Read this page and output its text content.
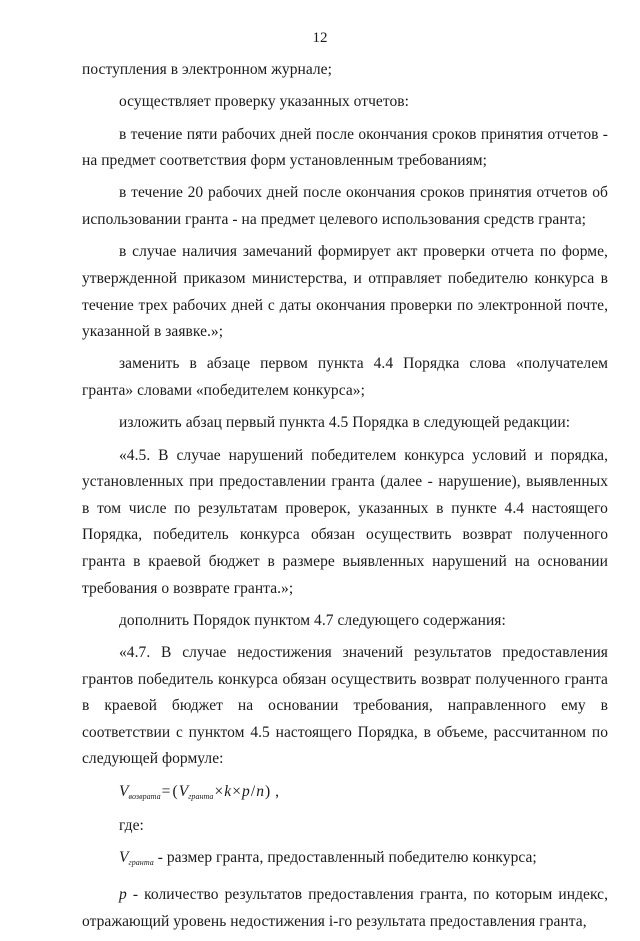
12

поступления в электронном журнале;

осуществляет проверку указанных отчетов:

в течение пяти рабочих дней после окончания сроков принятия отчетов - на предмет соответствия форм установленным требованиям;

в течение 20 рабочих дней после окончания сроков принятия отчетов об использовании гранта - на предмет целевого использования средств гранта;

в случае наличия замечаний формирует акт проверки отчета по форме, утвержденной приказом министерства, и отправляет победителю конкурса в течение трех рабочих дней с даты окончания проверки по электронной почте, указанной в заявке.»;

заменить в абзаце первом пункта 4.4 Порядка слова «получателем гранта» словами «победителем конкурса»;

изложить абзац первый пункта 4.5 Порядка в следующей редакции:

«4.5. В случае нарушений победителем конкурса условий и порядка, установленных при предоставлении гранта (далее - нарушение), выявленных в том числе по результатам проверок, указанных в пункте 4.4 настоящего Порядка, победитель конкурса обязан осуществить возврат полученного гранта в краевой бюджет в размере выявленных нарушений на основании требования о возврате гранта.»;

дополнить Порядок пунктом 4.7 следующего содержания:

«4.7. В случае недостижения значений результатов предоставления грантов победитель конкурса обязан осуществить возврат полученного гранта в краевой бюджет на основании требования, направленного ему в соответствии с пунктом 4.5 настоящего Порядка, в объеме, рассчитанном по следующей формуле:

$V_{возврата}= (V_{гранта}\times k\times p/n)$ ,
где:
$V_{гранта}$ - размер гранта, предоставленный победителю конкурса;
p - количество результатов предоставления гранта, по которым индекс, отражающий уровень недостижения i-го результата предоставления гранта,
